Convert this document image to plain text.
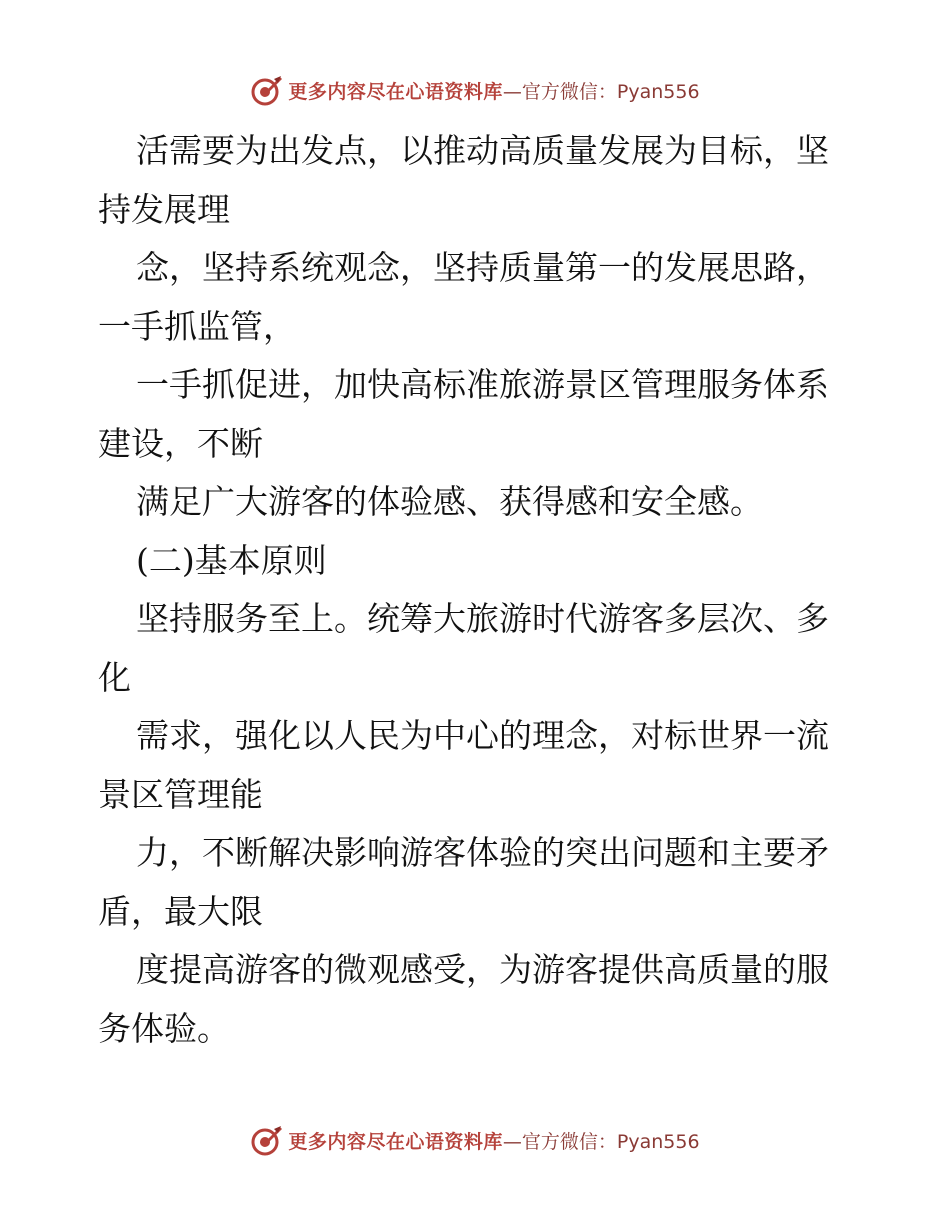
更多内容尽在心语资料库 —官方微信：Pyan556
活需要为出发点，以推动高质量发展为目标，坚
持发展理
念，坚持系统观念，坚持质量第一的发展思路，
一手抓监管，
一手抓促进，加快高标准旅游景区管理服务体系
建设，不断
满足广大游客的体验感、获得感和安全感。
(二)基本原则
坚持服务至上。统筹大旅游时代游客多层次、多
化
需求，强化以人民为中心的理念，对标世界一流
景区管理能
力，不断解决影响游客体验的突出问题和主要矛
盾，最大限
度提高游客的微观感受，为游客提供高质量的服
务体验。
更多内容尽在心语资料库 —官方微信：Pyan556
